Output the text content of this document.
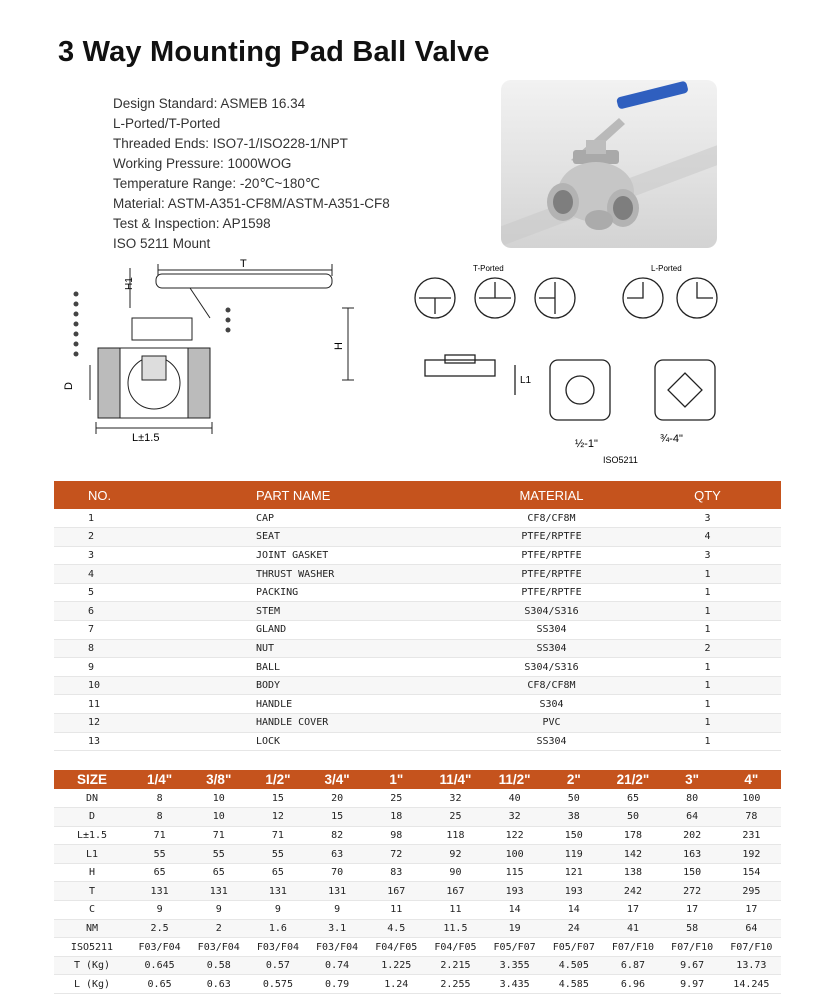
3 Way Mounting Pad Ball Valve
Design Standard: ASMEB 16.34
L-Ported/T-Ported
Threaded Ends: ISO7-1/ISO228-1/NPT
Working Pressure: 1000WOG
Temperature Range: -20℃~180℃
Material: ASTM-A351-CF8M/ASTM-A351-CF8
Test & Inspection: AP1598
ISO 5211 Mount
T
H1
H
D
L±1.5
T-Ported	L-Ported
L1
½-1"	¾-4"
ISO5211
NO.	PART NAME	MATERIAL	QTY
1	CAP	CF8/CF8M	3
2	SEAT	PTFE/RPTFE	4
3	JOINT GASKET	PTFE/RPTFE	3
4	THRUST WASHER	PTFE/RPTFE	1
5	PACKING	PTFE/RPTFE	1
6	STEM	S304/S316	1
7	GLAND	SS304	1
8	NUT	SS304	2
9	BALL	S304/S316	1
10	BODY	CF8/CF8M	1
11	HANDLE	S304	1
12	HANDLE COVER	PVC	1
13	LOCK	SS304	1
SIZE	1/4"	3/8"	1/2"	3/4"	1"	11/4"	11/2"	2"	21/2"	3"	4"
DN	8	10	15	20	25	32	40	50	65	80	100
D	8	10	12	15	18	25	32	38	50	64	78
L±1.5	71	71	71	82	98	118	122	150	178	202	231
L1	55	55	55	63	72	92	100	119	142	163	192
H	65	65	65	70	83	90	115	121	138	150	154
T	131	131	131	131	167	167	193	193	242	272	295
C	9	9	9	9	11	11	14	14	17	17	17
NM	2.5	2	1.6	3.1	4.5	11.5	19	24	41	58	64
ISO5211	F03/F04	F03/F04	F03/F04	F03/F04	F04/F05	F04/F05	F05/F07	F05/F07	F07/F10	F07/F10	F07/F10
T (Kg)	0.645	0.58	0.57	0.74	1.225	2.215	3.355	4.505	6.87	9.67	13.73
L (Kg)	0.65	0.63	0.575	0.79	1.24	2.255	3.435	4.585	6.96	9.97	14.245
